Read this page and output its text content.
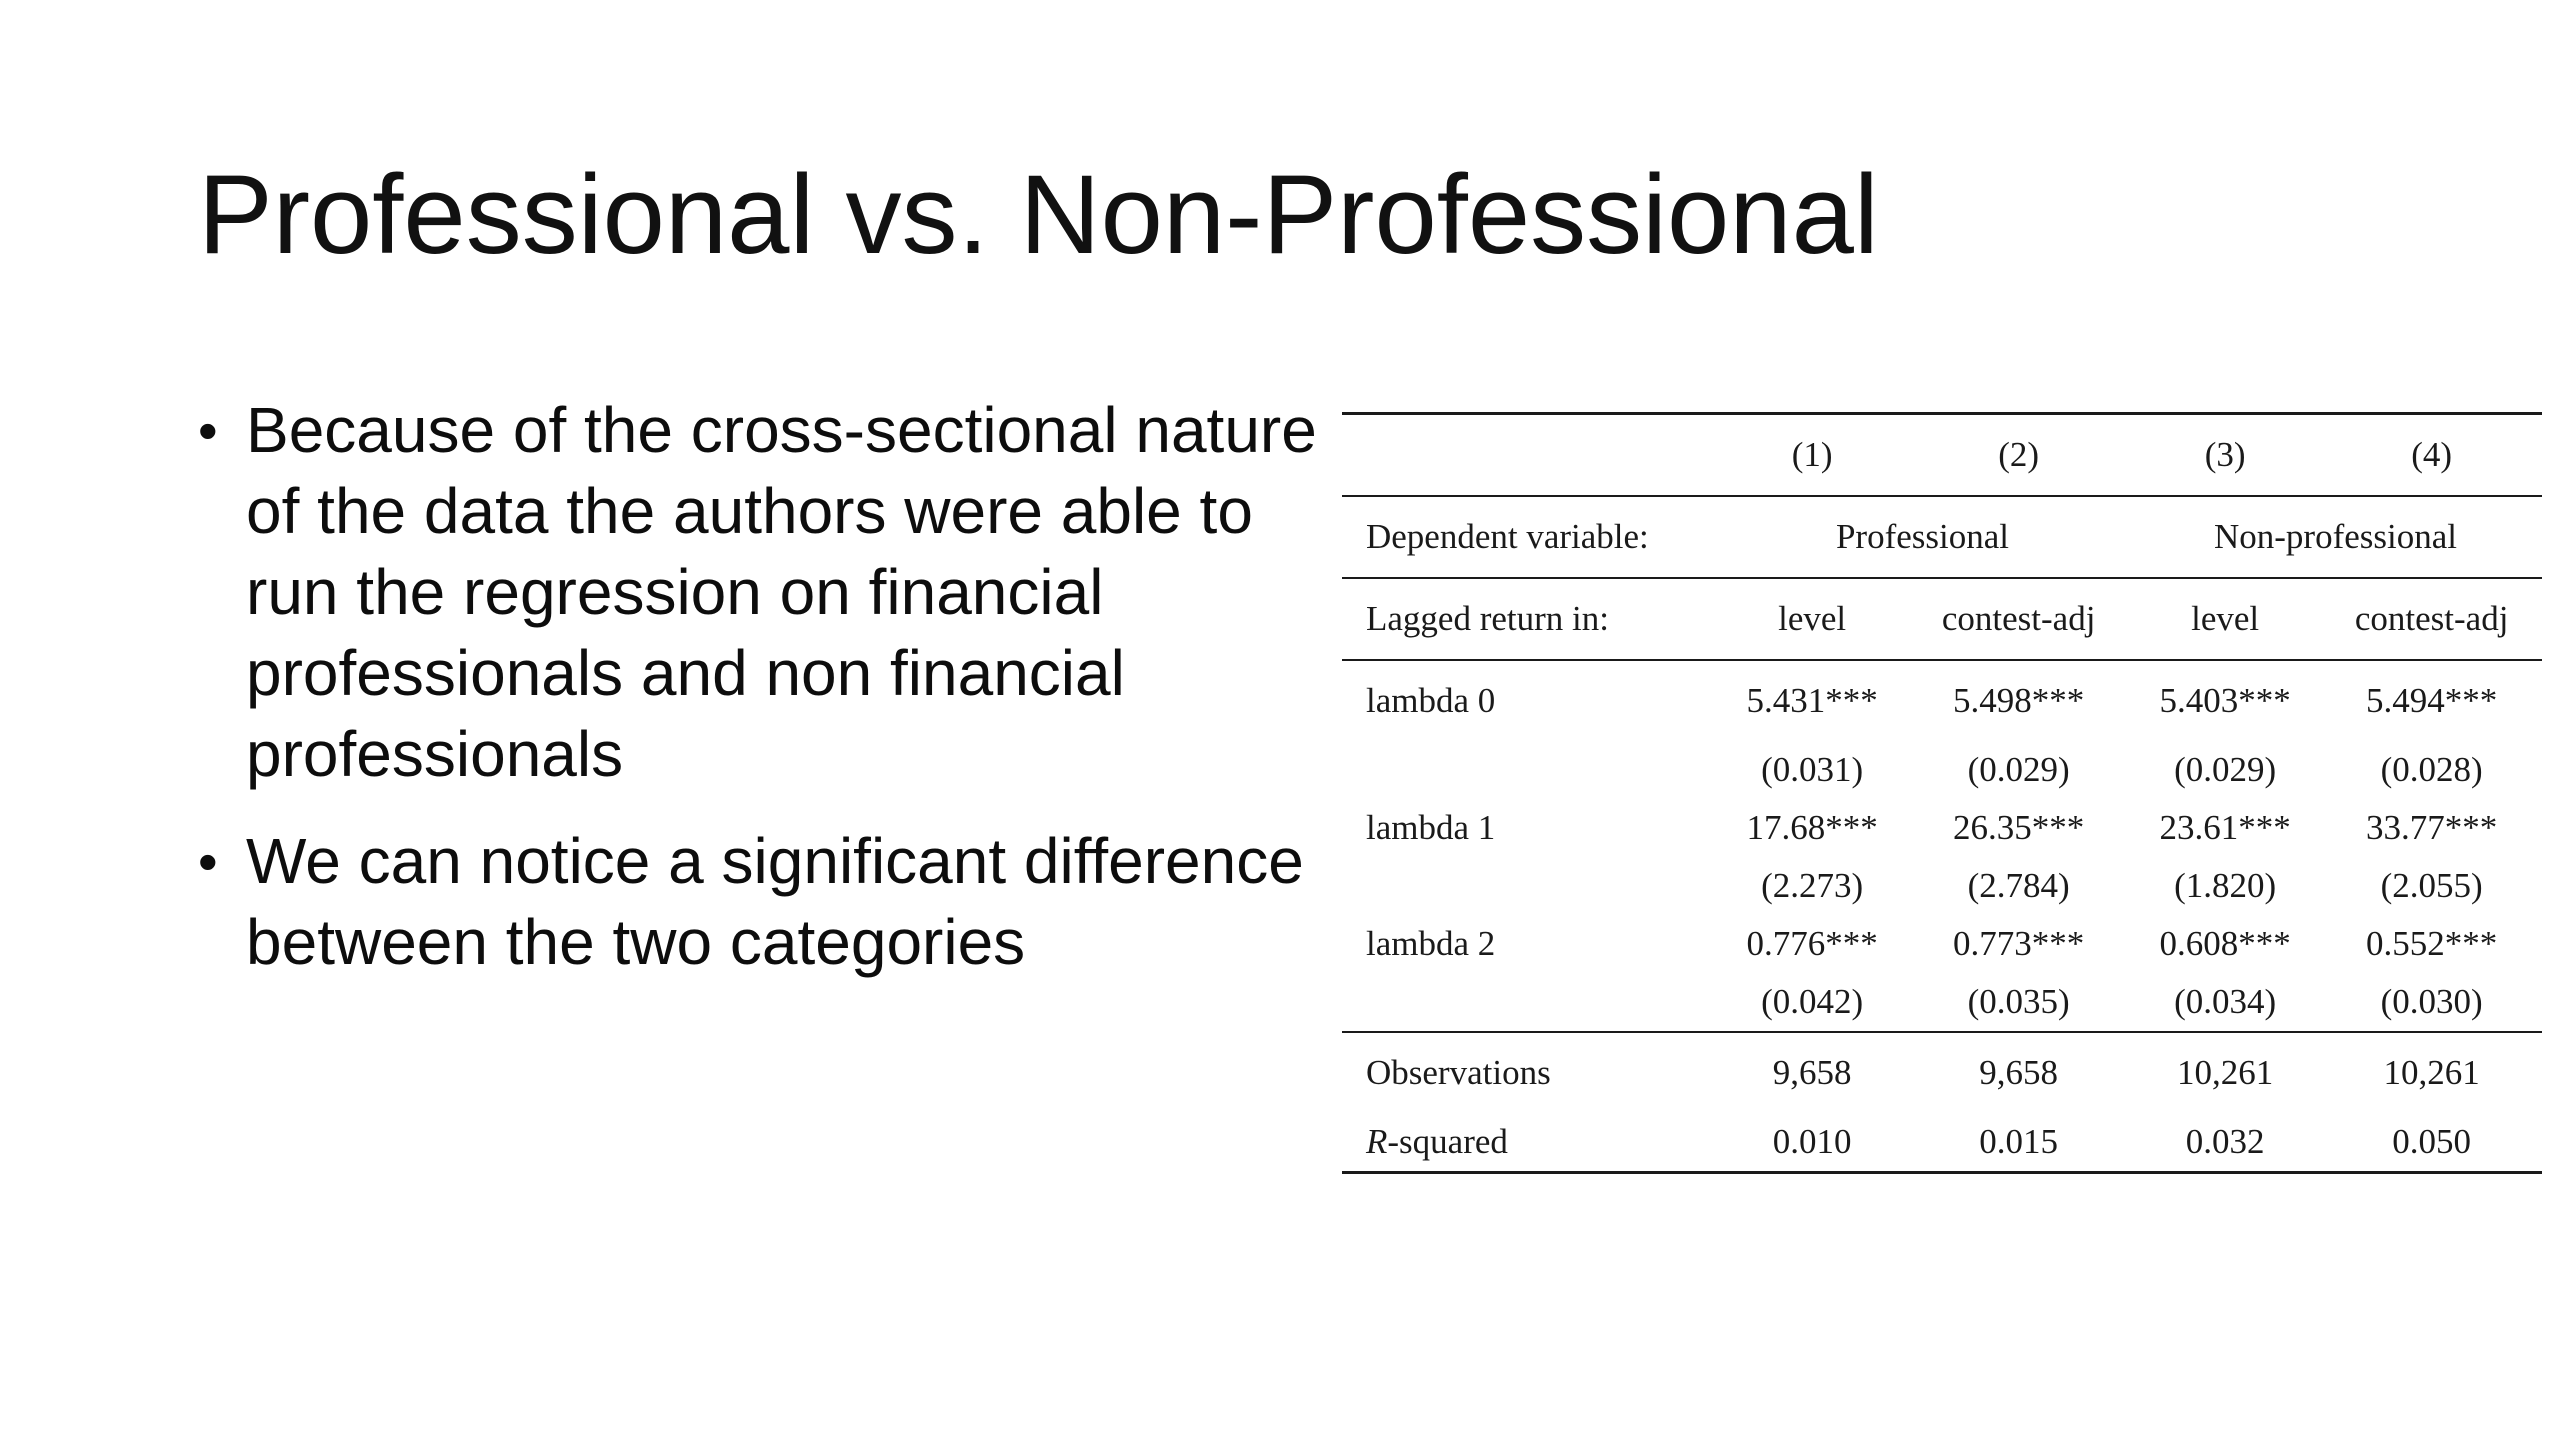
Professional vs. Non-Professional
• Because of the cross-sectional nature of the data the authors were able to run the regression on financial professionals and non financial professionals
• We can notice a significant difference between the two categories
	(1)	(2)	(3)	(4)
Dependent variable:	Professional		Non-professional	
Lagged return in:	level	contest-adj	level	contest-adj
lambda 0	5.431***	5.498***	5.403***	5.494***
	(0.031)	(0.029)	(0.029)	(0.028)
lambda 1	17.68***	26.35***	23.61***	33.77***
	(2.273)	(2.784)	(1.820)	(2.055)
lambda 2	0.776***	0.773***	0.608***	0.552***
	(0.042)	(0.035)	(0.034)	(0.030)
Observations	9,658	9,658	10,261	10,261
R-squared	0.010	0.015	0.032	0.050
